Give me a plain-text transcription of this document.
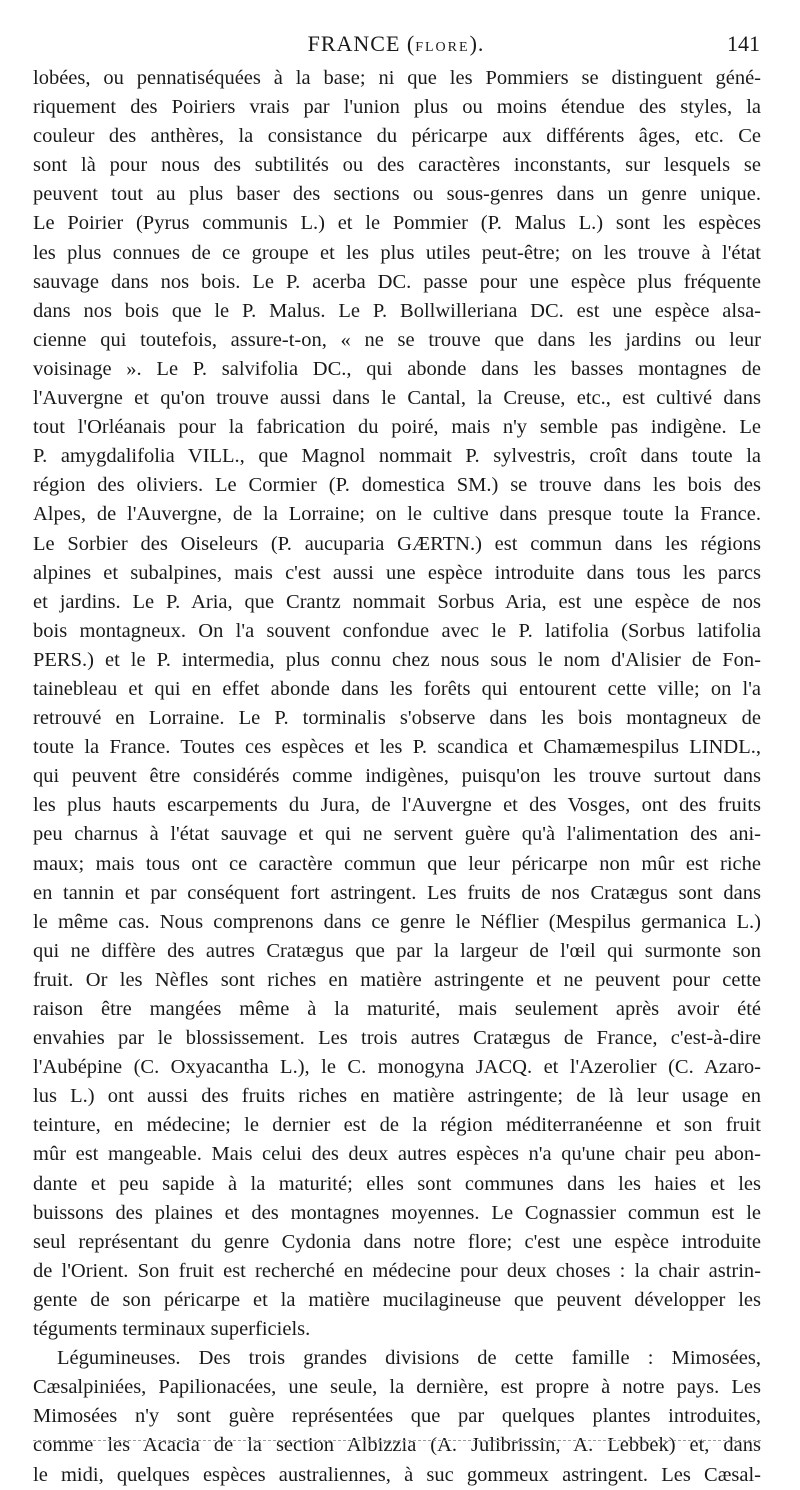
FRANCE (FLORE).	141
lobées, ou pennatiséquées à la base; ni que les Pommiers se distinguent géné-
riquement des Poiriers vrais par l'union plus ou moins étendue des styles, la
couleur des anthères, la consistance du péricarpe aux différents âges, etc. Ce
sont là pour nous des subtilités ou des caractères inconstants, sur lesquels se
peuvent tout au plus baser des sections ou sous-genres dans un genre unique.
Le Poirier (Pyrus communis L.) et le Pommier (P. Malus L.) sont les espèces
les plus connues de ce groupe et les plus utiles peut-être; on les trouve à l'état
sauvage dans nos bois. Le P. acerba DC. passe pour une espèce plus fréquente
dans nos bois que le P. Malus. Le P. Bollwilleriana DC. est une espèce alsa-
cienne qui toutefois, assure-t-on, « ne se trouve que dans les jardins ou leur
voisinage ». Le P. salvifolia DC., qui abonde dans les basses montagnes de
l'Auvergne et qu'on trouve aussi dans le Cantal, la Creuse, etc., est cultivé dans
tout l'Orléanais pour la fabrication du poiré, mais n'y semble pas indigène. Le
P. amygdalifolia VILL., que Magnol nommait P. sylvestris, croît dans toute la
région des oliviers. Le Cormier (P. domestica SM.) se trouve dans les bois des
Alpes, de l'Auvergne, de la Lorraine; on le cultive dans presque toute la France.
Le Sorbier des Oiseleurs (P. aucuparia GÆRTN.) est commun dans les régions
alpines et subalpines, mais c'est aussi une espèce introduite dans tous les parcs
et jardins. Le P. Aria, que Crantz nommait Sorbus Aria, est une espèce de nos
bois montagneux. On l'a souvent confondue avec le P. latifolia (Sorbus latifolia
PERS.) et le P. intermedia, plus connu chez nous sous le nom d'Alisier de Fon-
tainebleau et qui en effet abonde dans les forêts qui entourent cette ville; on l'a
retrouvé en Lorraine. Le P. torminalis s'observe dans les bois montagneux de
toute la France. Toutes ces espèces et les P. scandica et Chamæmespilus LINDL.,
qui peuvent être considérés comme indigènes, puisqu'on les trouve surtout dans
les plus hauts escarpements du Jura, de l'Auvergne et des Vosges, ont des fruits
peu charnus à l'état sauvage et qui ne servent guère qu'à l'alimentation des ani-
maux; mais tous ont ce caractère commun que leur péricarpe non mûr est riche
en tannin et par conséquent fort astringent. Les fruits de nos Cratægus sont dans
le même cas. Nous comprenons dans ce genre le Néflier (Mespilus germanica L.)
qui ne diffère des autres Cratægus que par la largeur de l'œil qui surmonte son
fruit. Or les Nèfles sont riches en matière astringente et ne peuvent pour cette
raison être mangées même à la maturité, mais seulement après avoir été
envahies par le blossissement. Les trois autres Cratægus de France, c'est-à-dire
l'Aubépine (C. Oxyacantha L.), le C. monogyna JACQ. et l'Azerolier (C. Azaro-
lus L.) ont aussi des fruits riches en matière astringente; de là leur usage en
teinture, en médecine; le dernier est de la région méditerranéenne et son fruit
mûr est mangeable. Mais celui des deux autres espèces n'a qu'une chair peu abon-
dante et peu sapide à la maturité; elles sont communes dans les haies et les
buissons des plaines et des montagnes moyennes. Le Cognassier commun est le
seul représentant du genre Cydonia dans notre flore; c'est une espèce introduite
de l'Orient. Son fruit est recherché en médecine pour deux choses : la chair astrin-
gente de son péricarpe et la matière mucilagineuse que peuvent développer les
téguments terminaux superficiels.
Légumineuses. Des trois grandes divisions de cette famille : Mimosées,
Cæsalpiniées, Papilionacées, une seule, la dernière, est propre à notre pays. Les
Mimosées n'y sont guère représentées que par quelques plantes introduites,
comme les Acacia de la section Albizzia (A. Julibrissin, A. Lebbek) et, dans
le midi, quelques espèces australiennes, à suc gommeux astringent. Les Cæsal-
